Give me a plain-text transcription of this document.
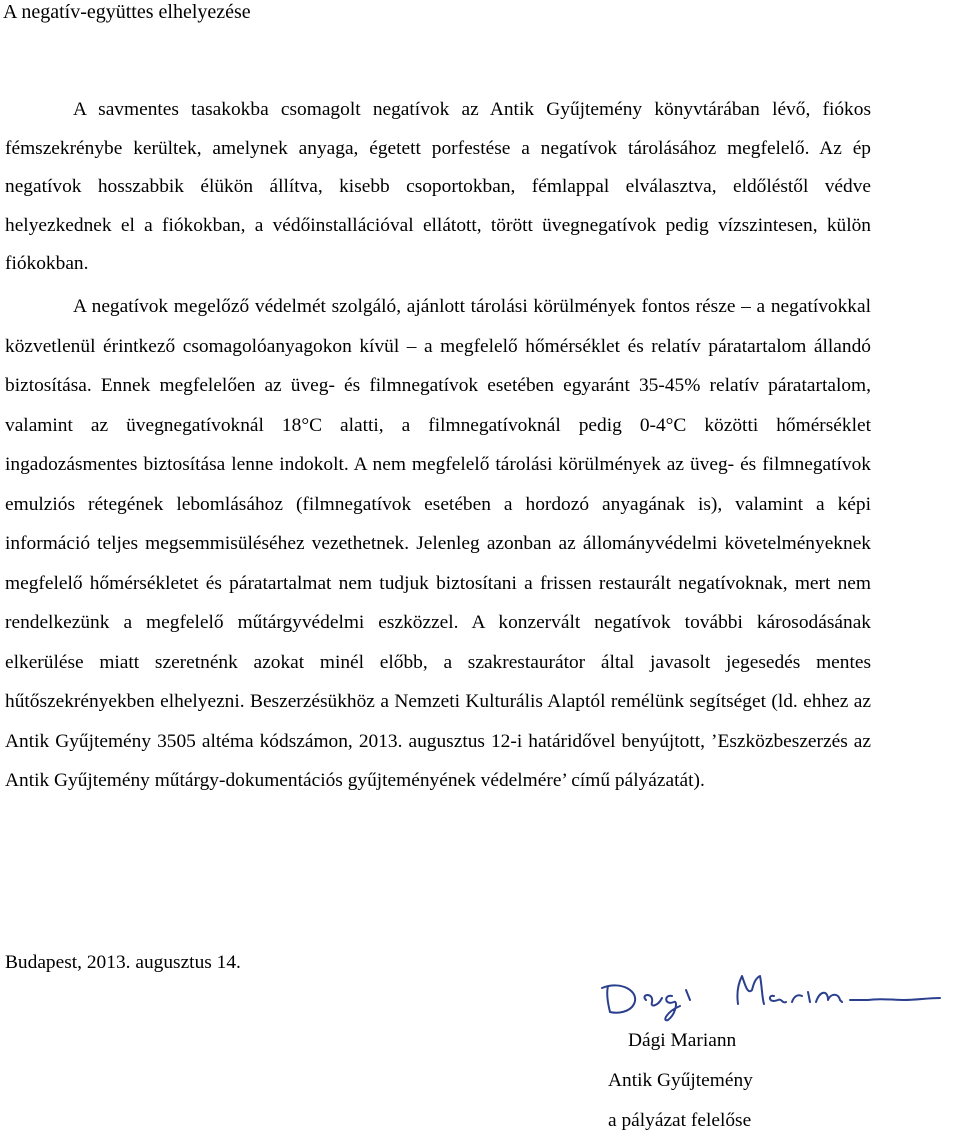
A negatív-együttes elhelyezése

A savmentes tasakokba csomagolt negatívok az Antik Gyűjtemény könyvtárában lévő, fiókos fémszekrénybe kerültek, amelynek anyaga, égetett porfestése a negatívok tárolásához megfelelő. Az ép negatívok hosszabbik élükön állítva, kisebb csoportokban, fémlappal elválasztva, eldőléstől védve helyezkednek el a fiókokban, a védőinstallációval ellátott, törött üvegnegatívok pedig vízszintesen, külön fiókokban.

A negatívok megelőző védelmét szolgáló, ajánlott tárolási körülmények fontos része – a negatívokkal közvetlenül érintkező csomagolóanyagokon kívül – a megfelelő hőmérséklet és relatív páratartalom állandó biztosítása. Ennek megfelelően az üveg- és filmnegatívok esetében egyaránt 35-45% relatív páratartalom, valamint az üvegnegatívoknál 18°C alatti, a filmnegatívoknál pedig 0-4°C közötti hőmérséklet ingadozásmentes biztosítása lenne indokolt. A nem megfelelő tárolási körülmények az üveg- és filmnegatívok emulziós rétegének lebomlásához (filmnegatívok esetében a hordozó anyagának is), valamint a képi információ teljes megsemmisüléséhez vezethetnek. Jelenleg azonban az állományvédelmi követelményeknek megfelelő hőmérsékletet és páratartalmat nem tudjuk biztosítani a frissen restaurált negatívoknak, mert nem rendelkezünk a megfelelő műtárgyvédelmi eszközzel. A konzervált negatívok további károsodásának elkerülése miatt szeretnénk azokat minél előbb, a szakrestaurátor által javasolt jegesedés mentes hűtőszekrényekben elhelyezni. Beszerzésükhöz a Nemzeti Kulturális Alaptól remélünk segítséget (ld. ehhez az Antik Gyűjtemény 3505 altéma kódszámon, 2013. augusztus 12-i határidővel benyújtott, ’Eszközbeszerzés az Antik Gyűjtemény műtárgy-dokumentációs gyűjteményének védelmére’ című pályázatát).

Budapest, 2013. augusztus 14.
Dági Mariann
Antik Gyűjtemény
a pályázat felelőse
